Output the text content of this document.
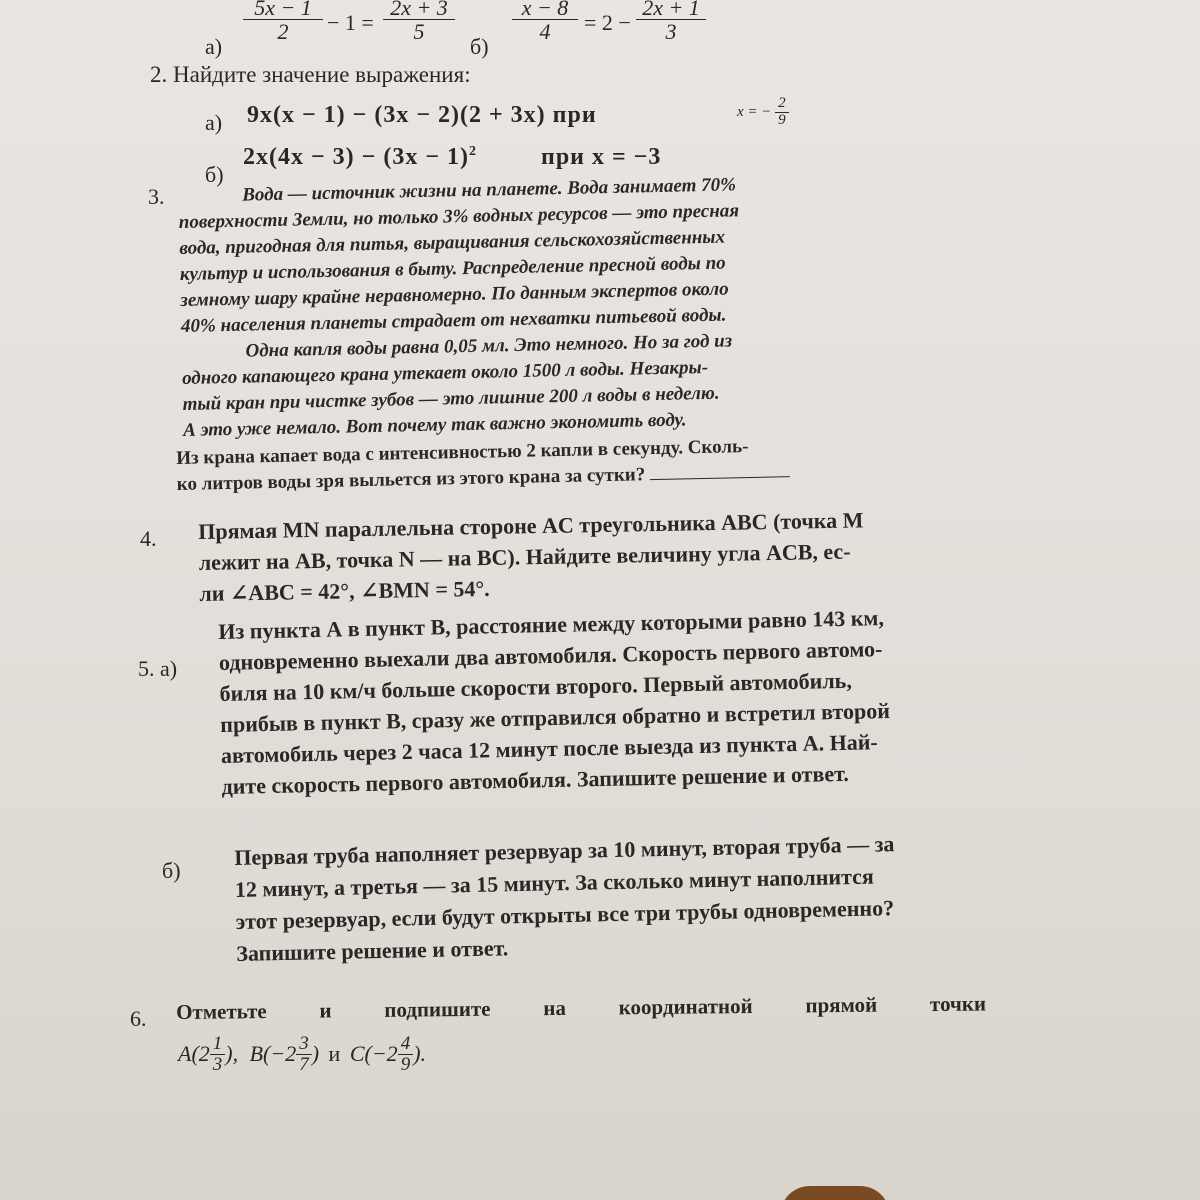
а)
$\frac{5x - 1}{2} - 1 = \frac{2x + 3}{5}$
б)
$\frac{x - 8}{4} = 2 - \frac{2x + 1}{3}$
2. Найдите значение выражения:
а) 9x(x − 1) − (3x − 2)(2 + 3x) при	x = − $\frac{2}{9}$
б)
$2x(4x - 3) - (3x - 1)^2$	при x = −3
3.	Вода — источник жизни на планете. Вода занимает 70%
поверхности Земли, но только 3% водных ресурсов — это пресная
вода, пригодная для питья, выращивания сельскохозяйственных
культур и использования в быту. Распределение пресной воды по
земному шару крайне неравномерно. По данным экспертов около
40% населения планеты страдает от нехватки питьевой воды.
Одна капля воды равна 0,05 мл. Это немного. Но за год из
одного капающего крана утекает около 1500 л воды. Незакры-
тый кран при чистке зубов — это лишние 200 л воды в неделю.
А это уже немало. Вот почему так важно экономить воду.
Из крана капает вода с интенсивностью 2 капли в секунду. Сколь-
ко литров воды зря выльется из этого крана за сутки?
4. Прямая MN параллельна стороне AC треугольника ABC (точка M
лежит на AB, точка N — на BC). Найдите величину угла ACB, ес-
ли ∠ABC = 42°, ∠BMN = 54°.
5. а)
Из пункта А в пункт В, расстояние между которыми равно 143 км,
одновременно выехали два автомобиля. Скорость первого автомо-
биля на 10 км/ч больше скорости второго. Первый автомобиль,
прибыв в пункт В, сразу же отправился обратно и встретил второй
автомобиль через 2 часа 12 минут после выезда из пункта А. Най-
дите скорость первого автомобиля. Запишите решение и ответ.
б)
Первая труба наполняет резервуар за 10 минут, вторая труба — за
12 минут, а третья — за 15 минут. За сколько минут наполнится
этот резервуар, если будут открыты все три трубы одновременно?
Запишите решение и ответ.
6. Отметьте и подпишите на координатной прямой точки
$A(2 \frac{1}{3}$ ), $B(-2 \frac{3}{7}$ ) и $C(-2 \frac{4}{9}$ ).
